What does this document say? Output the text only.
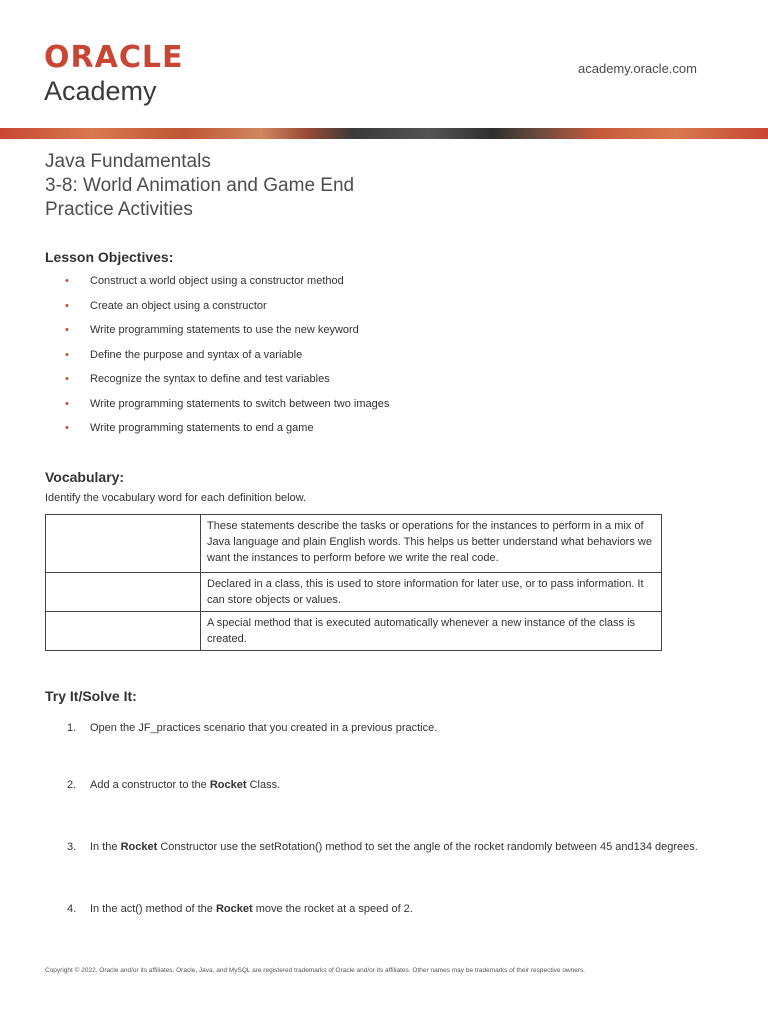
ORACLE
Academy
academy.oracle.com
Java Fundamentals
3-8: World Animation and Game End
Practice Activities
Lesson Objectives:
• Construct a world object using a constructor method
• Create an object using a constructor
• Write programming statements to use the new keyword
• Define the purpose and syntax of a variable
• Recognize the syntax to define and test variables
• Write programming statements to switch between two images
• Write programming statements to end a game
Vocabulary:
Identify the vocabulary word for each definition below.
	These statements describe the tasks or operations for the instances to perform in a mix of Java language and plain English words. This helps us better understand what behaviors we want the instances to perform before we write the real code.
	Declared in a class, this is used to store information for later use, or to pass information. It can store objects or values.
	A special method that is executed automatically whenever a new instance of the class is created.
Try It/Solve It:
1. Open the JF_practices scenario that you created in a previous practice.
2. Add a constructor to the Rocket Class.
3. In the Rocket Constructor use the setRotation() method to set the angle of the rocket randomly between 45 and134 degrees.
4. In the act() method of the Rocket move the rocket at a speed of 2.
Copyright © 2022, Oracle and/or its affiliates. Oracle, Java, and MySQL are registered trademarks of Oracle and/or its affiliates. Other names may be trademarks of their respective owners.
